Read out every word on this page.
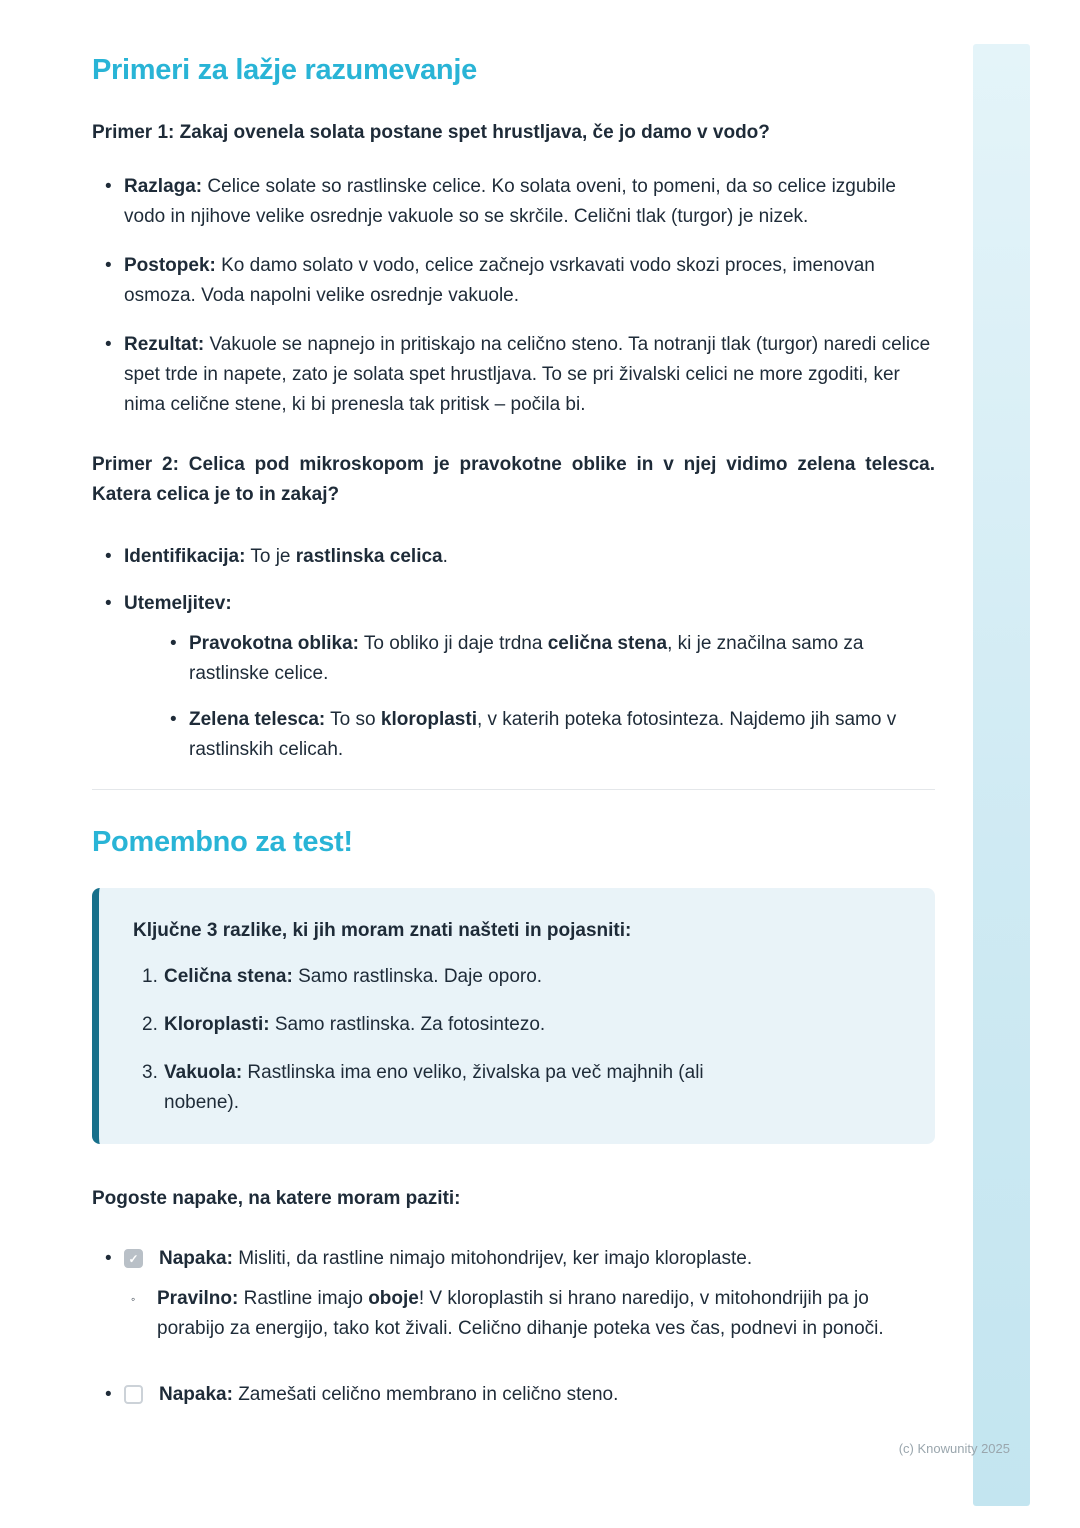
Primeri za lažje razumevanje

Primer 1: Zakaj ovenela solata postane spet hrustljava, če jo damo v vodo?

• Razlaga: Celice solate so rastlinske celice. Ko solata oveni, to pomeni, da so celice izgubile vodo in njihove velike osrednje vakuole so se skrčile. Celični tlak (turgor) je nizek.

• Postopek: Ko damo solato v vodo, celice začnejo vsrkavati vodo skozi proces, imenovan osmoza. Voda napolni velike osrednje vakuole.

• Rezultat: Vakuole se napnejo in pritiskajo na celično steno. Ta notranji tlak (turgor) naredi celice spet trde in napete, zato je solata spet hrustljava. To se pri živalski celici ne more zgoditi, ker nima celične stene, ki bi prenesla tak pritisk – počila bi.

Primer 2: Celica pod mikroskopom je pravokotne oblike in v njej vidimo zelena telesca. Katera celica je to in zakaj?

• Identifikacija: To je rastlinska celica.

• Utemeljitev:

• Pravokotna oblika: To obliko ji daje trdna celična stena, ki je značilna samo za rastlinske celice.

• Zelena telesca: To so kloroplasti, v katerih poteka fotosinteza. Najdemo jih samo v rastlinskih celicah.

Pomembno za test!

Ključne 3 razlike, ki jih moram znati našteti in pojasniti:

1. Celična stena: Samo rastlinska. Daje oporo.

2. Kloroplasti: Samo rastlinska. Za fotosintezo.

3. Vakuola: Rastlinska ima eno veliko, živalska pa več majhnih (ali nobene).

Pogoste napake, na katere moram paziti:

•	✓ Napaka: Misliti, da rastline nimajo mitohondrijev, ker imajo kloroplaste.

◦	Pravilno: Rastline imajo oboje! V kloroplastih si hrano naredijo, v mitohondrijih pa jo porabijo za energijo, tako kot živali. Celično dihanje poteka ves čas, podnevi in ponoči.

•	Napaka: Zamešati celično membrano in celično steno.

(c) Knowunity 2025
